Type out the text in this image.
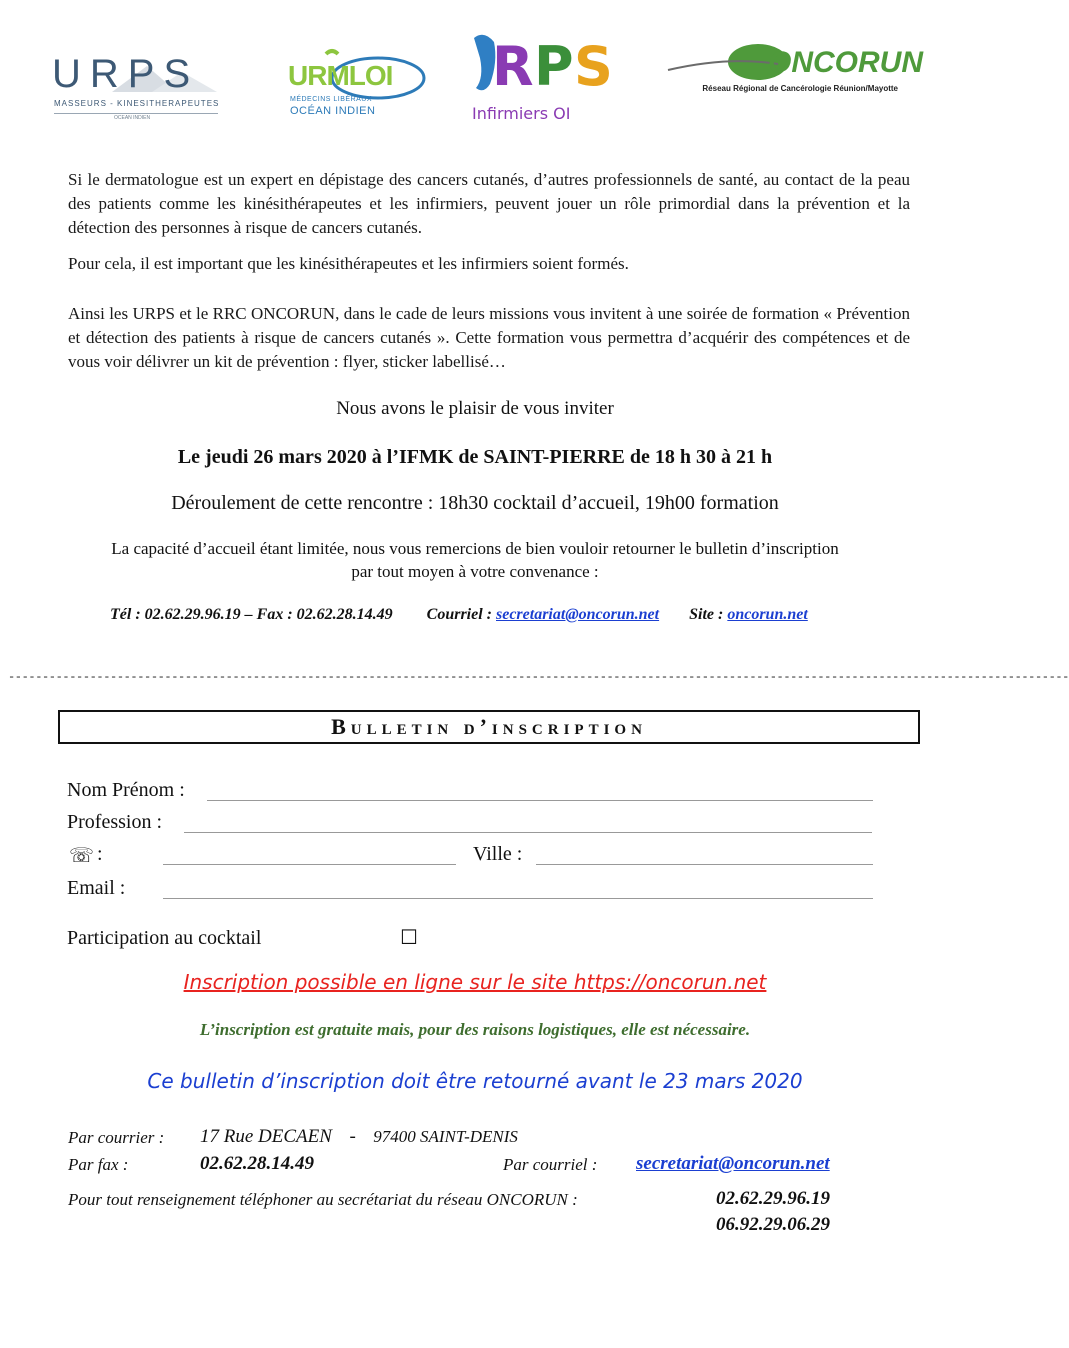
URPS
MASSEURS - KINESITHERAPEUTES
OCEAN INDIEN
URMLOI
MÉDECINS LIBÉRAUX
OCÉAN INDIEN
R P S
Infirmiers OI
ONCORUN
Réseau Régional de Cancérologie Réunion/Mayotte
Si le dermatologue est un expert en dépistage des cancers cutanés, d’autres professionnels de santé, au contact de la peau des patients comme les kinésithérapeutes et les infirmiers, peuvent jouer un rôle primordial dans la prévention et la détection des personnes à risque de cancers cutanés.
Pour cela, il est important que les kinésithérapeutes et les infirmiers soient formés.
Ainsi les URPS et le RRC ONCORUN, dans le cade de leurs missions vous invitent à une soirée de formation « Prévention et détection des patients à risque de cancers cutanés ». Cette formation vous permettra d’acquérir des compétences et de vous voir délivrer un kit de prévention : flyer, sticker labellisé…
Nous avons le plaisir de vous inviter
Le jeudi 26 mars 2020 à l’IFMK de SAINT-PIERRE de 18 h 30 à 21 h
Déroulement de cette rencontre : 18h30 cocktail d’accueil, 19h00 formation
La capacité d’accueil étant limitée, nous vous remercions de bien vouloir retourner le bulletin d’inscription
par tout moyen à votre convenance :
Tél : 02.62.29.96.19 – Fax : 02.62.28.14.49 Courriel : secretariat@oncorun.net Site : oncorun.net
------------------------------------------------------------------------------------------------------------------------------------------------------------
Bulletin d’inscription
Nom Prénom :
Profession :
☏ :	Ville :
Email :
Participation au cocktail	☐
Inscription possible en ligne sur le site https://oncorun.net
L’inscription est gratuite mais, pour des raisons logistiques, elle est nécessaire.
Ce bulletin d’inscription doit être retourné avant le 23 mars 2020
Par courrier : 17 Rue DECAEN - 97400 SAINT-DENIS
Par fax :	02.62.28.14.49	Par courriel : secretariat@oncorun.net
Pour tout renseignement téléphoner au secrétariat du réseau ONCORUN :	02.62.29.96.19
06.92.29.06.29
